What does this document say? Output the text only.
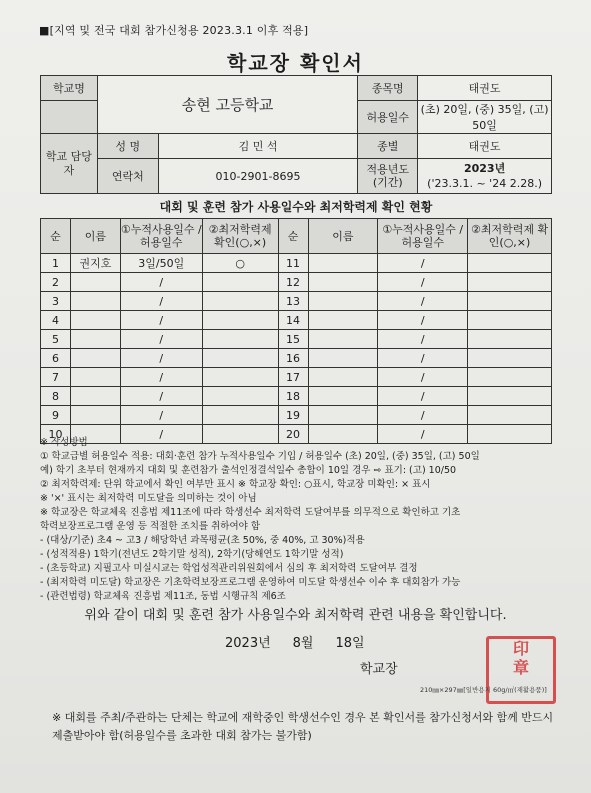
■[지역 및 전국 대회 참가신청용 2023.3.1 이후 적용]
학교장 확인서
학교명	송현 고등학교		종목명	태권도
			허용일수	(초) 20일, (중) 35일, (고) 50일
학교 담당자	성 명	김 민 석	종별	태권도
	연락처	010-2901-8695	적용년도 (기간)	2023년
('23.3.1. ~ '24 2.28.)
대회 및 훈련 참가 사용일수와 최저학력제 확인 현황
순	이름	①누적사용일수 /허용일수	②최저학력제 확인(○,×)	순	이름	①누적사용일수 /허용일수	②최저학력제 확인(○,×)
1	권지호	3일/50일	○	11		/	
2		/		12		/	
3		/		13		/	
4		/		14		/	
5		/		15		/	
6		/		16		/	
7		/		17		/	
8		/		18		/	
9		/		19		/	
10		/		20		/	
※ 작성방법
① 학교급별 허용일수 적용: 대회·훈련 참가 누적사용일수 기입 / 허용일수 (초) 20일, (중) 35일, (고) 50일
예) 학기 초부터 현재까지 대회 및 훈련참가 출석인정결석일수 총합이 10일 경우 ⇨ 표기: (고) 10/50
② 최저학력제: 단위 학교에서 확인 여부만 표시 ※ 학교장 확인: ○표시, 학교장 미확인: × 표시
※ '×' 표시는 최저학력 미도달을 의미하는 것이 아님
※ 학교장은 학교체육 진흥법 제11조에 따라 학생선수 최저학력 도달여부를 의무적으로 확인하고 기초
학력보장프로그램 운영 등 적절한 조치를 취하여야 함
- (대상/기준) 초4 ~ 고3 / 해당학년 과목평균(초 50%, 중 40%, 고 30%)적용
- (성적적용) 1학기(전년도 2학기말 성적), 2학기(당해연도 1학기말 성적)
- (초등학교) 지필고사 미실시교는 학업성적관리위원회에서 심의 후 최저학력 도달여부 결정
- (최저학력 미도달) 학교장은 기초학력보장프로그램 운영하여 미도달 학생선수 이수 후 대회참가 가능
- (관련법령) 학교체육 진흥법 제11조, 동법 시행규칙 제6조
위와 같이 대회 및 훈련 참가 사용일수와 최저학력 관련 내용을 확인합니다.
2023년 8월 18일
학교장
印
章
210㎜×297㎜[일반용지 60g/㎡(재활용품)]
※ 대회를 주최/주관하는 단체는 학교에 재학중인 학생선수인 경우 본 확인서를 참가신청서와 함께 반드시 제출받아야 함(허용일수를 초과한 대회 참가는 불가함)
